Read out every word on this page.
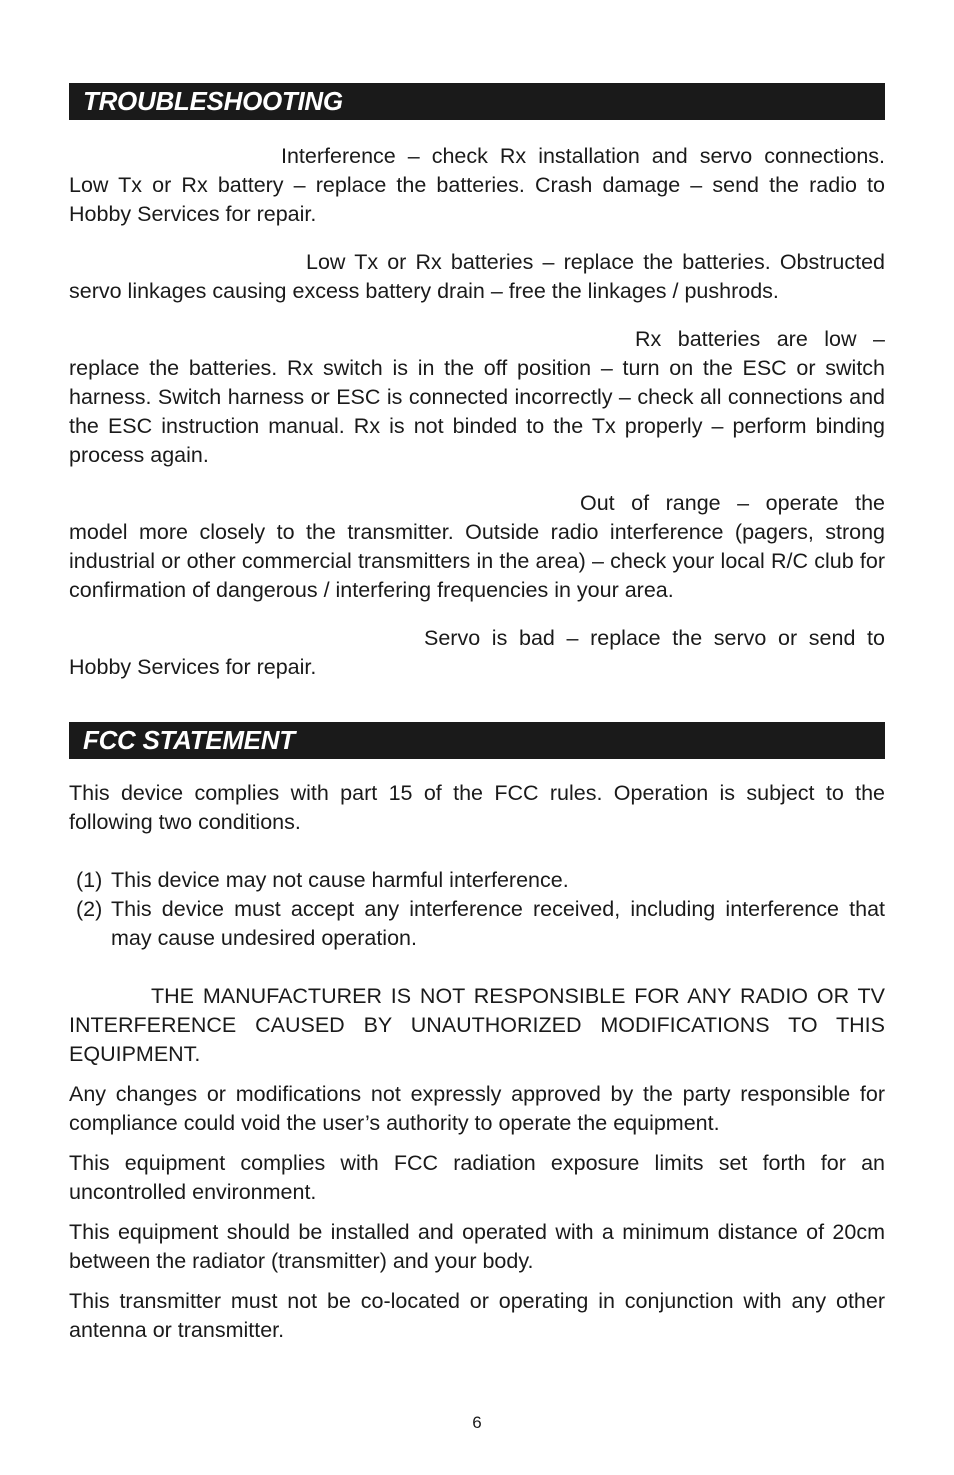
TROUBLESHOOTING

Interference – check Rx installation and servo connections. Low Tx or Rx battery – replace the batteries. Crash damage – send the radio to Hobby Services for repair.

Low Tx or Rx batteries – replace the batteries. Obstructed servo linkages causing excess battery drain – free the linkages / pushrods.

Rx batteries are low – replace the batteries. Rx switch is in the off position – turn on the ESC or switch harness. Switch harness or ESC is connected incorrectly – check all connections and the ESC instruction manual. Rx is not binded to the Tx properly – perform binding process again.

Out of range – operate the model more closely to the transmitter. Outside radio interference (pagers, strong industrial or other commercial transmitters in the area) – check your local R/C club for confirmation of dangerous / interfering frequencies in your area.

Servo is bad – replace the servo or send to Hobby Services for repair.

FCC STATEMENT

This device complies with part 15 of the FCC rules. Operation is subject to the following two conditions.

(1) This device may not cause harmful interference.
(2) This device must accept any interference received, including interference that may cause undesired operation.

THE MANUFACTURER IS NOT RESPONSIBLE FOR ANY RADIO OR TV INTERFERENCE CAUSED BY UNAUTHORIZED MODIFICATIONS TO THIS EQUIPMENT.

Any changes or modifications not expressly approved by the party responsible for compliance could void the user’s authority to operate the equipment.

This equipment complies with FCC radiation exposure limits set forth for an uncontrolled environment.

This equipment should be installed and operated with a minimum distance of 20cm between the radiator (transmitter) and your body.

This transmitter must not be co-located or operating in conjunction with any other antenna or transmitter.

6
